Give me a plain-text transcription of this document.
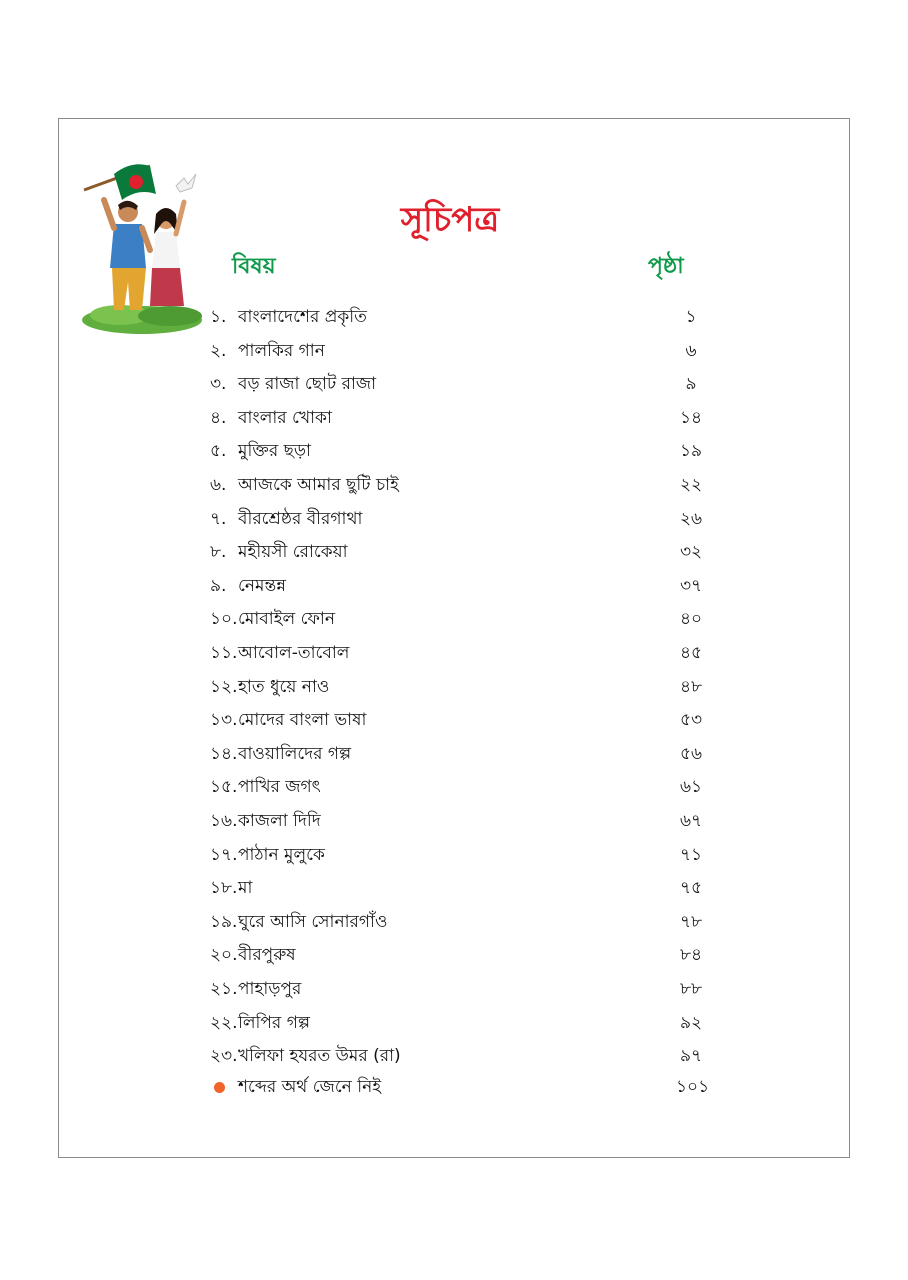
সূচিপত্র
বিষয়	পৃষ্ঠা
১. বাংলাদেশের প্রকৃতি	১
২. পালকির গান	৬
৩. বড় রাজা ছোট রাজা	৯
৪. বাংলার খোকা	১৪
৫. মুক্তির ছড়া	১৯
৬. আজকে আমার ছুটি চাই	২২
৭. বীরশ্রেষ্ঠর বীরগাথা	২৬
৮. মহীয়সী রোকেয়া	৩২
৯. নেমন্তন্ন	৩৭
১০. মোবাইল ফোন	৪০
১১. আবোল-তাবোল	৪৫
১২. হাত ধুয়ে নাও	৪৮
১৩. মোদের বাংলা ভাষা	৫৩
১৪. বাওয়ালিদের গল্প	৫৬
১৫. পাখির জগৎ	৬১
১৬. কাজলা দিদি	৬৭
১৭. পাঠান মুলুকে	৭১
১৮. মা	৭৫
১৯. ঘুরে আসি সোনারগাঁও	৭৮
২০. বীরপুরুষ	৮৪
২১. পাহাড়পুর	৮৮
২২. লিপির গল্প	৯২
২৩. খলিফা হযরত উমর (রা)	৯৭
শব্দের অর্থ জেনে নিই	১০১
